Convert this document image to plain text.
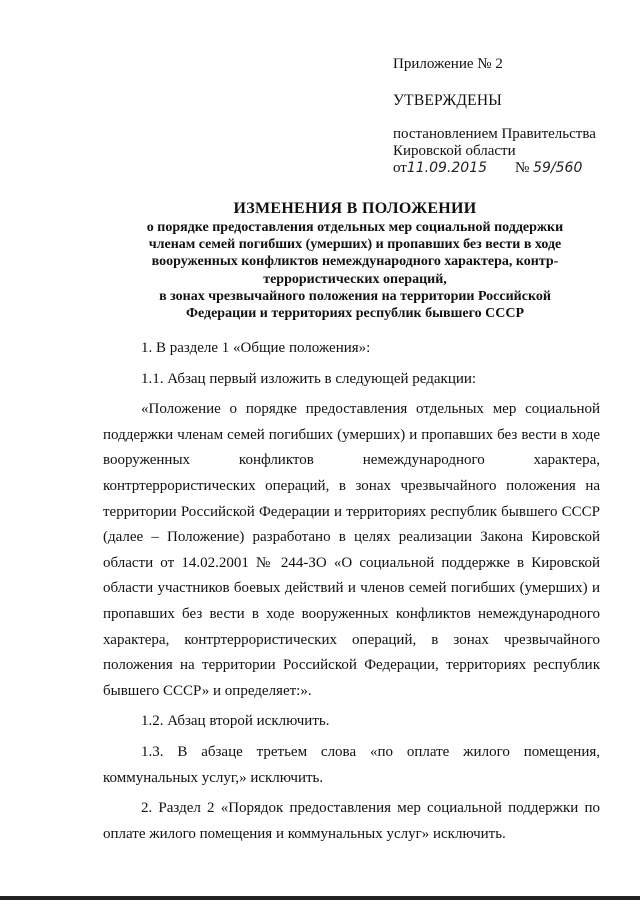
Приложение № 2
УТВЕРЖДЕНЫ
постановлением Правительства
Кировской области
от11.09.2015 № 59/560
ИЗМЕНЕНИЯ В ПОЛОЖЕНИИ
о порядке предоставления отдельных мер социальной поддержки
членам семей погибших (умерших) и пропавших без вести в ходе
вооруженных конфликтов немеждународного характера, контр-
террористических операций,
в зонах чрезвычайного положения на территории Российской
Федерации и территориях республик бывшего СССР

1. В разделе 1 «Общие положения»:

1.1. Абзац первый изложить в следующей редакции:

«Положение о порядке предоставления отдельных мер социальной поддержки членам семей погибших (умерших) и пропавших без вести в ходе вооруженных конфликтов немеждународного характера, контртеррористических операций, в зонах чрезвычайного положения на территории Российской Федерации и территориях республик бывшего СССР (далее – Положение) разработано в целях реализации Закона Кировской области от 14.02.2001 № 244-ЗО «О социальной поддержке в Кировской области участников боевых действий и членов семей погибших (умерших) и пропавших без вести в ходе вооруженных конфликтов немеждународного характера, контртеррористических операций, в зонах чрезвычайного положения на территории Российской Федерации, территориях республик бывшего СССР» и определяет:».

1.2. Абзац второй исключить.

1.3. В абзаце третьем слова «по оплате жилого помещения, коммунальных услуг,» исключить.

2. Раздел 2 «Порядок предоставления мер социальной поддержки по оплате жилого помещения и коммунальных услуг» исключить.
